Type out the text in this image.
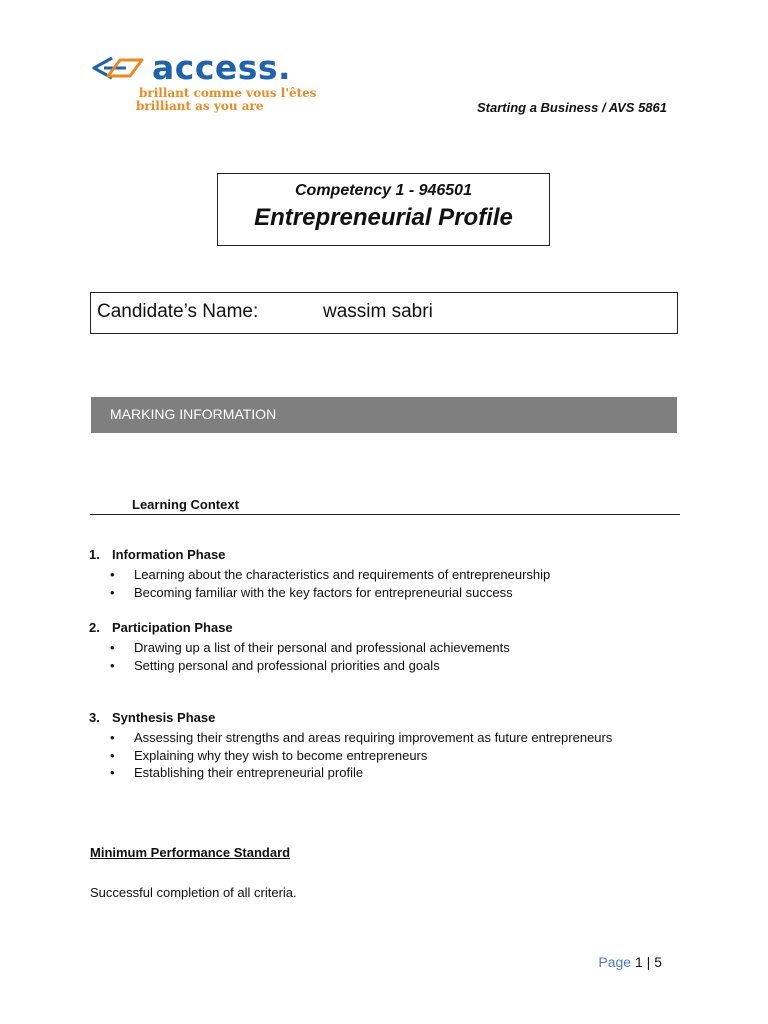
access.
brillant comme vous l'êtes
brilliant as you are	Starting a Business / AVS 5861
Competency 1 - 946501
Entrepreneurial Profile
Candidate’s Name:	wassim sabri
MARKING INFORMATION
Learning Context
1. Information Phase
• Learning about the characteristics and requirements of entrepreneurship
• Becoming familiar with the key factors for entrepreneurial success
2. Participation Phase
• Drawing up a list of their personal and professional achievements
• Setting personal and professional priorities and goals
3. Synthesis Phase
• Assessing their strengths and areas requiring improvement as future entrepreneurs
• Explaining why they wish to become entrepreneurs
• Establishing their entrepreneurial profile
Minimum Performance Standard
Successful completion of all criteria.
Page 1 | 5
